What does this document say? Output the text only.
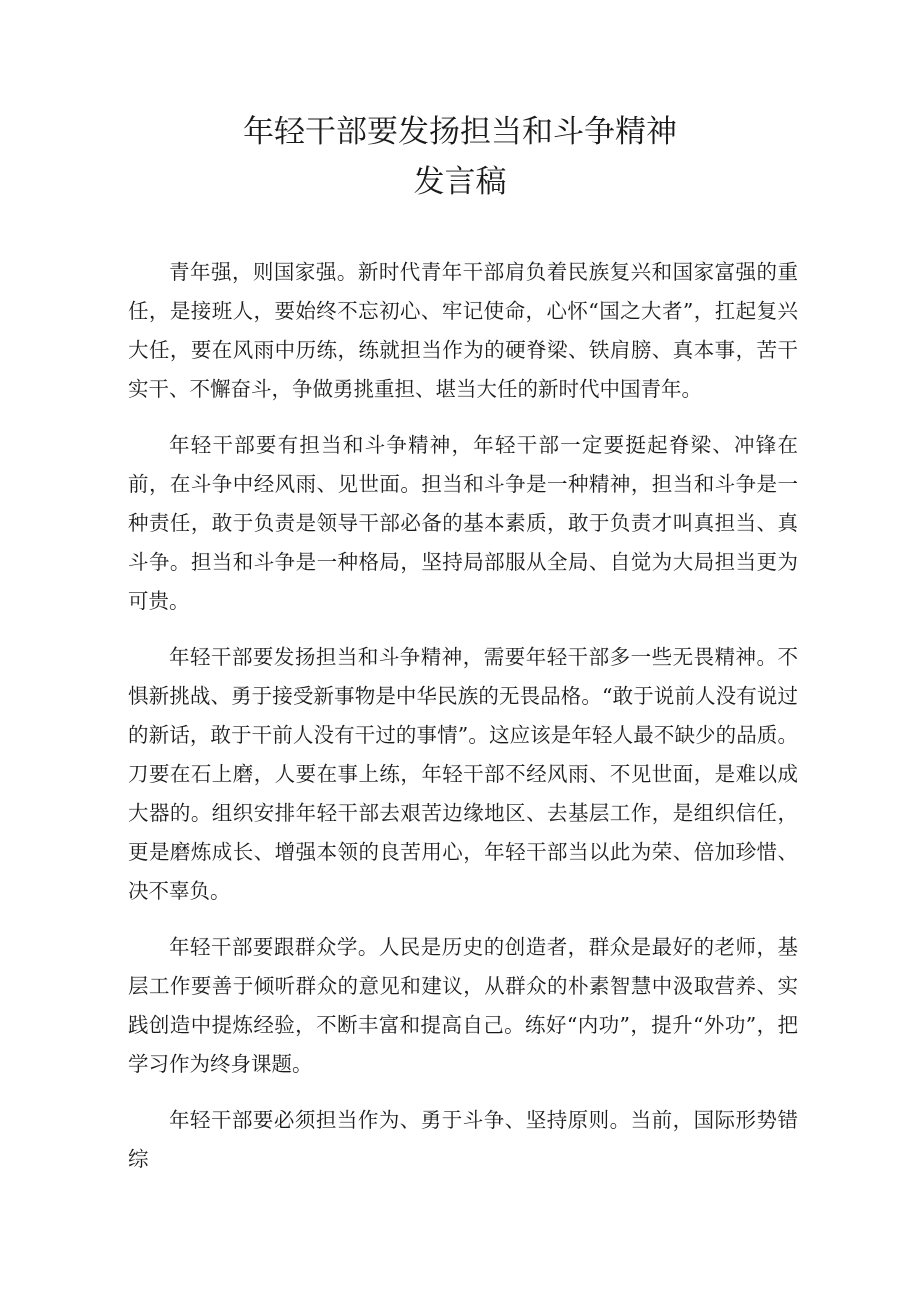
年轻干部要发扬担当和斗争精神
发言稿

青年强，则国家强。新时代青年干部肩负着民族复兴和国家富强的重任，是接班人，要始终不忘初心、牢记使命，心怀“国之大者”，扛起复兴大任，要在风雨中历练，练就担当作为的硬脊梁、铁肩膀、真本事，苦干实干、不懈奋斗，争做勇挑重担、堪当大任的新时代中国青年。

年轻干部要有担当和斗争精神，年轻干部一定要挺起脊梁、冲锋在前，在斗争中经风雨、见世面。担当和斗争是一种精神，担当和斗争是一种责任，敢于负责是领导干部必备的基本素质，敢于负责才叫真担当、真斗争。担当和斗争是一种格局，坚持局部服从全局、自觉为大局担当更为可贵。

年轻干部要发扬担当和斗争精神，需要年轻干部多一些无畏精神。不惧新挑战、勇于接受新事物是中华民族的无畏品格。“敢于说前人没有说过的新话，敢于干前人没有干过的事情”。这应该是年轻人最不缺少的品质。刀要在石上磨，人要在事上练，年轻干部不经风雨、不见世面，是难以成大器的。组织安排年轻干部去艰苦边缘地区、去基层工作，是组织信任，更是磨炼成长、增强本领的良苦用心，年轻干部当以此为荣、倍加珍惜、决不辜负。

年轻干部要跟群众学。人民是历史的创造者，群众是最好的老师，基层工作要善于倾听群众的意见和建议，从群众的朴素智慧中汲取营养、实践创造中提炼经验，不断丰富和提高自己。练好“内功”，提升“外功”，把学习作为终身课题。

年轻干部要必须担当作为、勇于斗争、坚持原则。当前，国际形势错综
